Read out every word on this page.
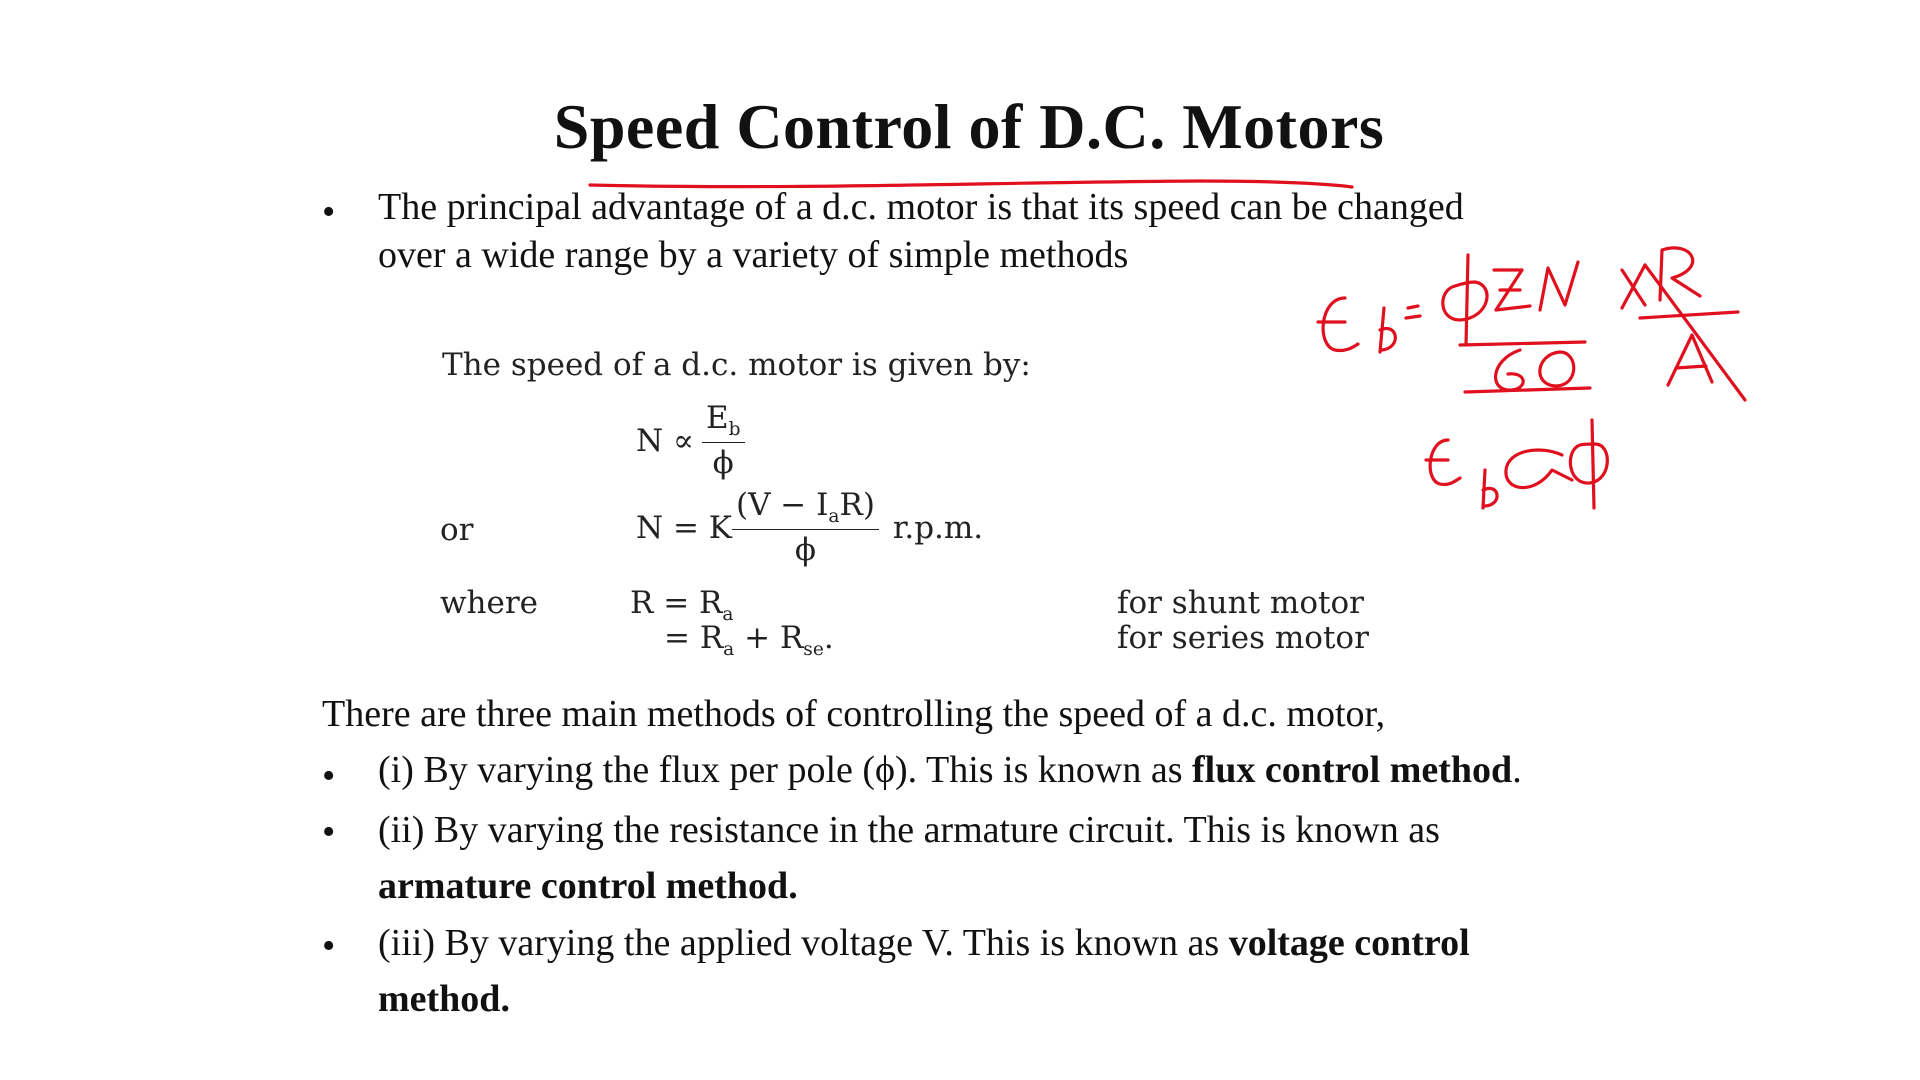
Speed Control of D.C. Motors
• The principal advantage of a d.c. motor is that its speed can be changed over a wide range by a variety of simple methods
The speed of a d.c. motor is given by:
$N \propto \frac{E_b}{\phi}$
or	N = K $\frac{(V - I_aR)}{\phi} r.p.m$.
where	$R = R_a$
= $R_a + R_{se}$.
for shunt motor
for series motor
There are three main methods of controlling the speed of a d.c. motor,
• (i) By varying the flux per pole (ϕ). This is known as flux control method.
• (ii) By varying the resistance in the armature circuit. This is known as armature control method.
• (iii) By varying the applied voltage V. This is known as voltage control method.
